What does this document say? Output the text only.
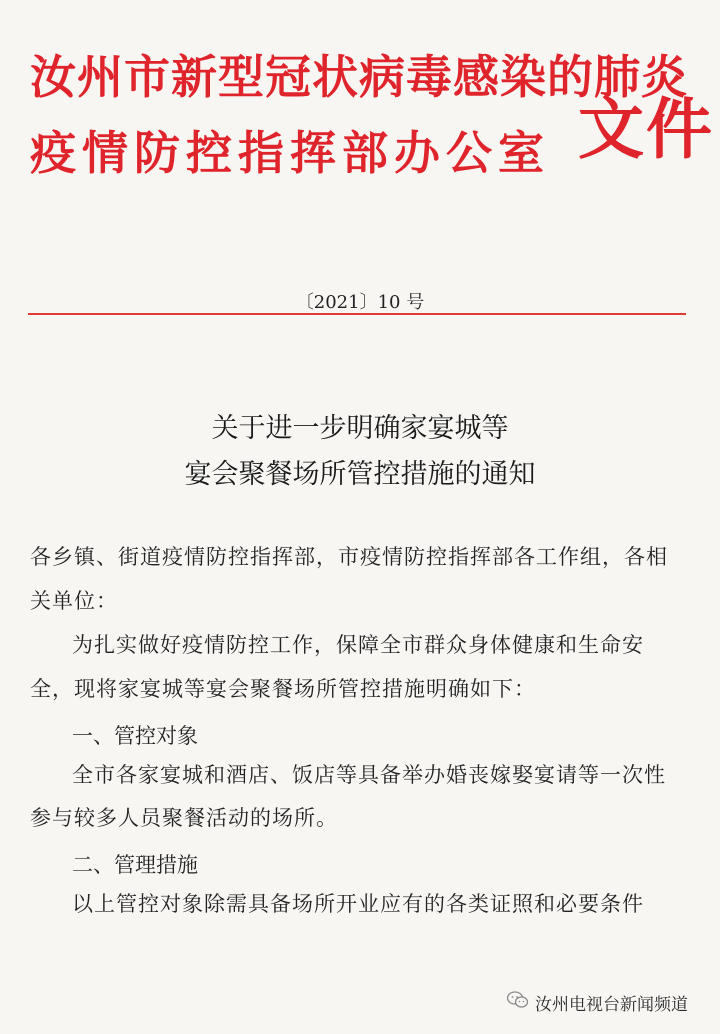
汝州市新型冠状病毒感染的肺炎
疫情防控指挥部办公室 文件
〔2021〕10 号
关于进一步明确家宴城等
宴会聚餐场所管控措施的通知
各乡镇、街道疫情防控指挥部，市疫情防控指挥部各工作组，各相
关单位：
为扎实做好疫情防控工作，保障全市群众身体健康和生命安
全，现将家宴城等宴会聚餐场所管控措施明确如下：
一、管控对象
全市各家宴城和酒店、饭店等具备举办婚丧嫁娶宴请等一次性
参与较多人员聚餐活动的场所。
二、管理措施
以上管控对象除需具备场所开业应有的各类证照和必要条件
汝州电视台新闻频道
